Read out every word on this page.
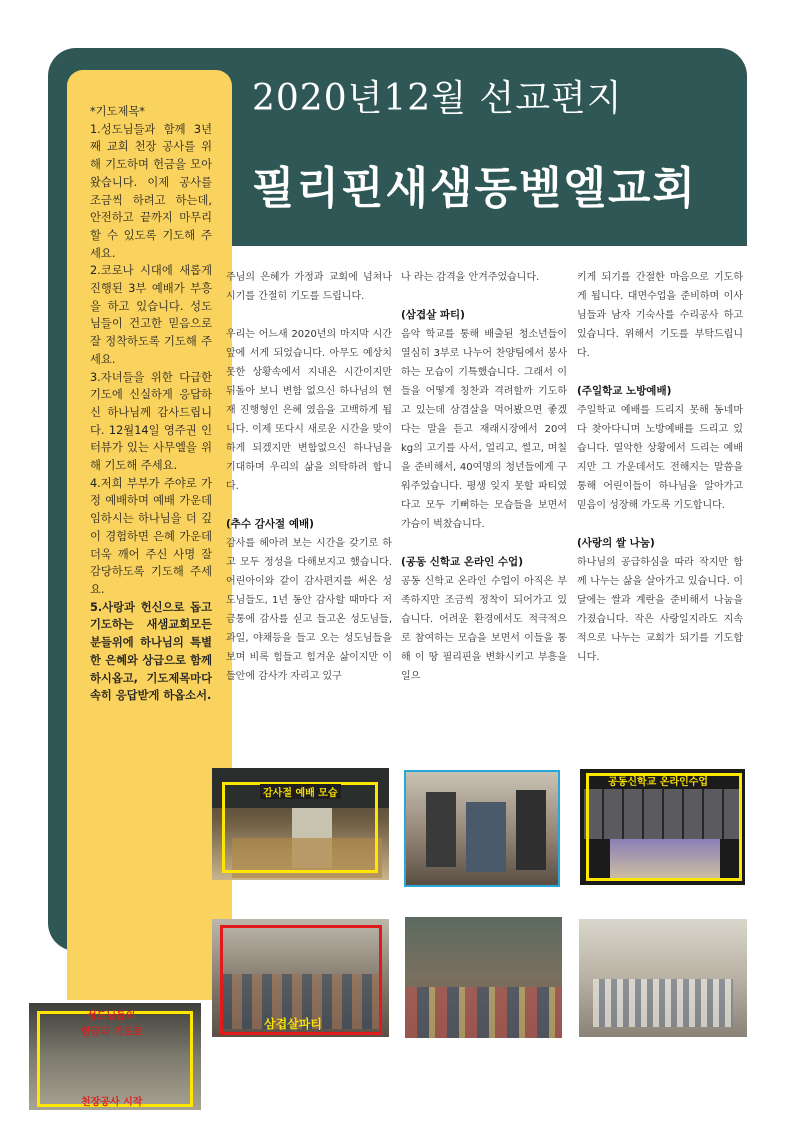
2020년12월 선교편지
필리핀새샘동벧엘교회
*기도제목*

1.성도님들과 함께 3년째 교회 천장 공사를 위해 기도하며 헌금을 모아왔습니다. 이제 공사를 조금씩 하려고 하는데, 안전하고 끝까지 마무리 할 수 있도록 기도해 주세요.

2.코로나 시대에 새롭게 진행된 3부 예배가 부흥을 하고 있습니다. 성도님들이 건고한 믿음으로 잘 정착하도록 기도해 주세요.

3.자녀들을 위한 다급한 기도에 신실하게 응답하신 하나님께 감사드립니다. 12월14일 영주권 인터뷰가 있는 사무엘을 위해 기도해 주세요.

4.저희 부부가 주야로 가정 예배하며 예배 가운데 임하시는 하나님을 더 깊이 경험하면 은혜 가운데 더욱 깨어 주신 사명 잘 감당하도록 기도해 주세요.

5.사랑과 헌신으로 돕고 기도하는 새샘교회모든 분들위에 하나님의 특별한 은혜와 상급으로 함께 하시옵고, 기도제목마다 속히 응답받게 하옵소서.

주님의 은혜가 가정과 교회에 넘쳐나시기를 간절히 기도를 드립니다.

우리는 어느새 2020년의 마지막 시간 앞에 서게 되었습니다. 아무도 예상치 못한 상황속에서 지내온 시간이지만 뒤돌아 보니 변함 없으신 하나님의 현재 진행형인 은혜 였음을 고백하게 됩니다. 이제 또다시 새로운 시간을 맞이하게 되겠지만 변함없으신 하나님을 기대하며 우리의 삶을 의탁하려 합니다.

(추수 감사절 예배)

감사를 헤아려 보는 시간을 갖기로 하고 모두 정성을 다해보지고 했습니다. 어린아이와 같이 감사편지를 써온 성도님들도, 1년 동안 감사할 때마다 저금통에 감사를 싣고 들고온 성도님들, 과일, 야채등을 들고 오는 성도님들을 보며 비록 힘들고 힘겨운 삶이지만 이들안에 감사가 자리고 있구

나 라는 감격을 안겨주었습니다.

(삼겹살 파티)

음악 학교를 통해 배출된 청소년들이 열심히 3부로 나누어 찬양팀에서 봉사하는 모습이 기특했습니다. 그래서 이들을 어떻게 칭찬과 격려할까 기도하고 있는데 삼겹살을 먹어봤으면 좋겠다는 말을 듣고 재래시장에서 20여 kg의 고기를 사서, 얼리고, 썰고, 며칠을 준비해서, 40여명의 청년들에게 구워주었습니다. 평생 잊지 못할 파티였다고 모두 기뻐하는 모습들을 보면서 가슴이 벅찼습니다.

(공동 신학교 온라인 수업)

공동 신학교 온라인 수업이 아직은 부족하지만 조금씩 정착이 되어가고 있습니다. 어려운 환경에서도 적극적으로 참여하는 모습을 보면서 이들을 통해 이 땅 필리핀을 변화시키고 부흥을 일으

키게 되기를 간절한 마음으로 기도하게 됩니다. 대면수업을 준비하며 이사님들과 남자 기숙사를 수리공사 하고 있습니다. 위해서 기도를 부탁드립니다.

(주일학교 노방예배)

주일학교 예배를 드리지 못해 동네마다 찾아다니며 노방예배를 드리고 있습니다. 열악한 상황에서 드리는 예배지만 그 가운데서도 전해지는 말씀을 통해 어린이들이 하나님을 알아가고 믿음이 성장해 가도록 기도합니다.

(사랑의 쌀 나눔)

하나님의 공급하심을 따라 작지만 함께 나누는 삶을 살아가고 있습니다. 이달에는 쌀과 계란을 준비해서 나눔을 가졌습니다. 작은 사랑일지라도 지속적으로 나누는 교회가 되기를 기도합니다.

감사절 예배 모습
공동신학교 온라인수업
삼겹살파티
성도님들의
헌금과 기도로
천장공사 시작
